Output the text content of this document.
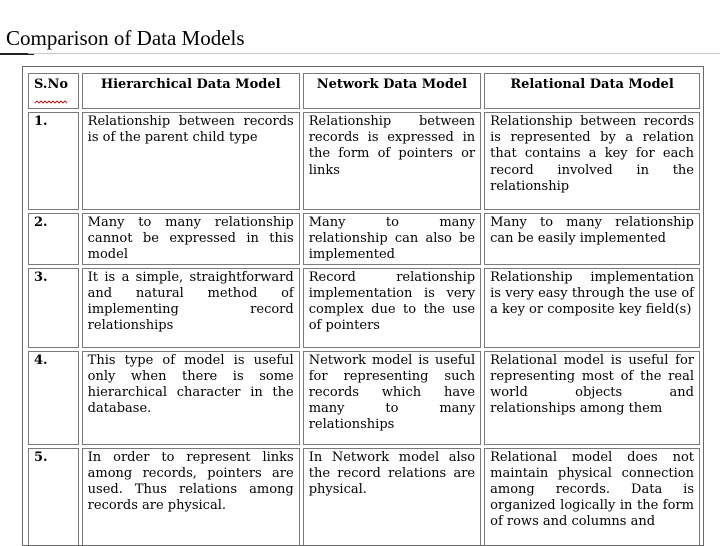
Comparison of Data Models
S.No	Hierarchical Data Model	Network Data Model	Relational Data Model
1.	Relationship between records is of the parent child type	Relationship between records is expressed in the form of pointers or links	Relationship between records is represented by a relation that contains a key for each record involved in the relationship
2.	Many to many relationship cannot be expressed in this model	Many to many relationship can also be implemented	Many to many relationship can be easily implemented
3.	It is a simple, straightforward and natural method of implementing record relationships	Record relationship implementation is very complex due to the use of pointers	Relationship implementation is very easy through the use of a key or composite key field(s)
4.	This type of model is useful only when there is some hierarchical character in the database.	Network model is useful for representing such records which have many to many relationships	Relational model is useful for representing most of the real world objects and relationships among them
5.	In order to represent links among records, pointers are used. Thus relations among records are physical.	In Network model also the record relations are physical.	Relational model does not maintain physical connection among records. Data is organized logically in the form of rows and columns and
